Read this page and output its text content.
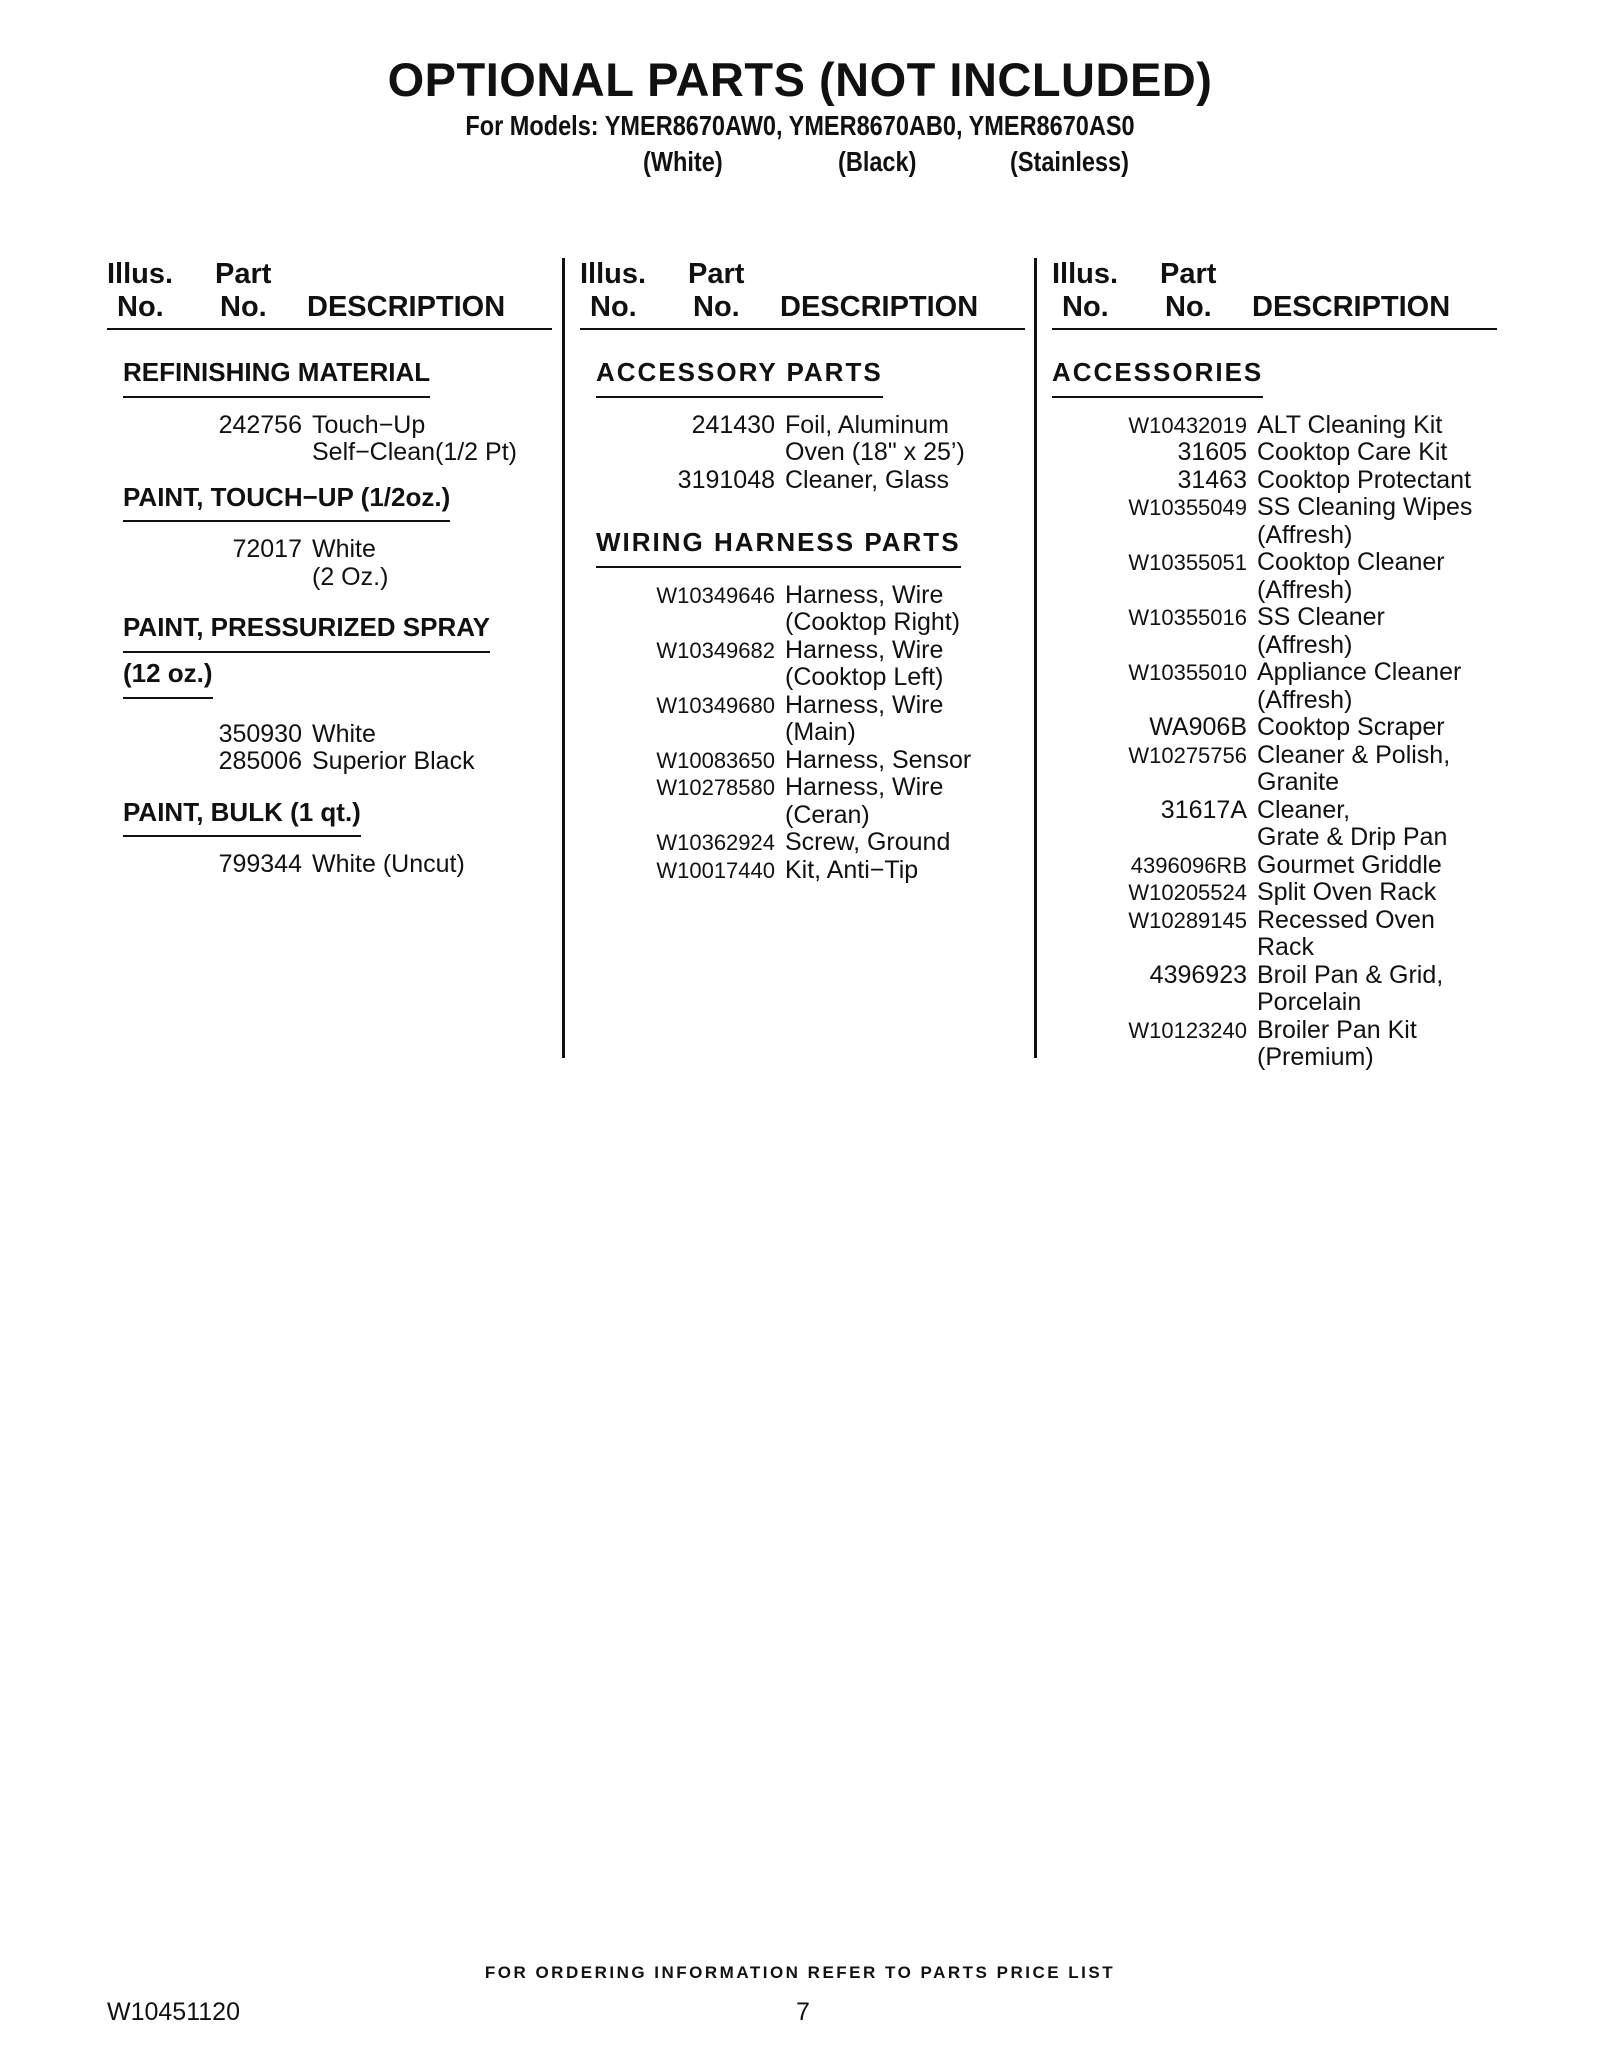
OPTIONAL PARTS (NOT INCLUDED)
For Models: YMER8670AW0, YMER8670AB0, YMER8670AS0
(White)	(Black)	(Stainless)
Illus.
No.
Part
No. DESCRIPTION
REFINISHING MATERIAL
242756 Touch−Up
Self−Clean(1/2 Pt)
PAINT, TOUCH−UP (1/2oz.)
72017 White
(2 Oz.)
PAINT, PRESSURIZED SPRAY
(12 oz.)
350930 White
285006 Superior Black
PAINT, BULK (1 qt.)
799344 White (Uncut)
Illus.
No.
Part
No. DESCRIPTION
ACCESSORY PARTS
241430 Foil, Aluminum
Oven (18" x 25’)
3191048 Cleaner, Glass
WIRING HARNESS PARTS
W10349646 Harness, Wire
(Cooktop Right)
W10349682 Harness, Wire
(Cooktop Left)
W10349680 Harness, Wire
(Main)
W10083650 Harness, Sensor
W10278580 Harness, Wire
(Ceran)
W10362924 Screw, Ground
W10017440 Kit, Anti−Tip
Illus.
No.
Part
No. DESCRIPTION
ACCESSORIES
W10432019 ALT Cleaning Kit
31605 Cooktop Care Kit
31463 Cooktop Protectant
W10355049 SS Cleaning Wipes
(Affresh)
W10355051 Cooktop Cleaner
(Affresh)
W10355016 SS Cleaner
(Affresh)
W10355010 Appliance Cleaner
(Affresh)
WA906B Cooktop Scraper
W10275756 Cleaner & Polish,
Granite
31617A Cleaner,
Grate & Drip Pan
4396096RB Gourmet Griddle
W10205524 Split Oven Rack
W10289145 Recessed Oven Rack
4396923 Broil Pan & Grid,
Porcelain
W10123240 Broiler Pan Kit
(Premium)
FOR ORDERING INFORMATION REFER TO PARTS PRICE LIST
W10451120	7
